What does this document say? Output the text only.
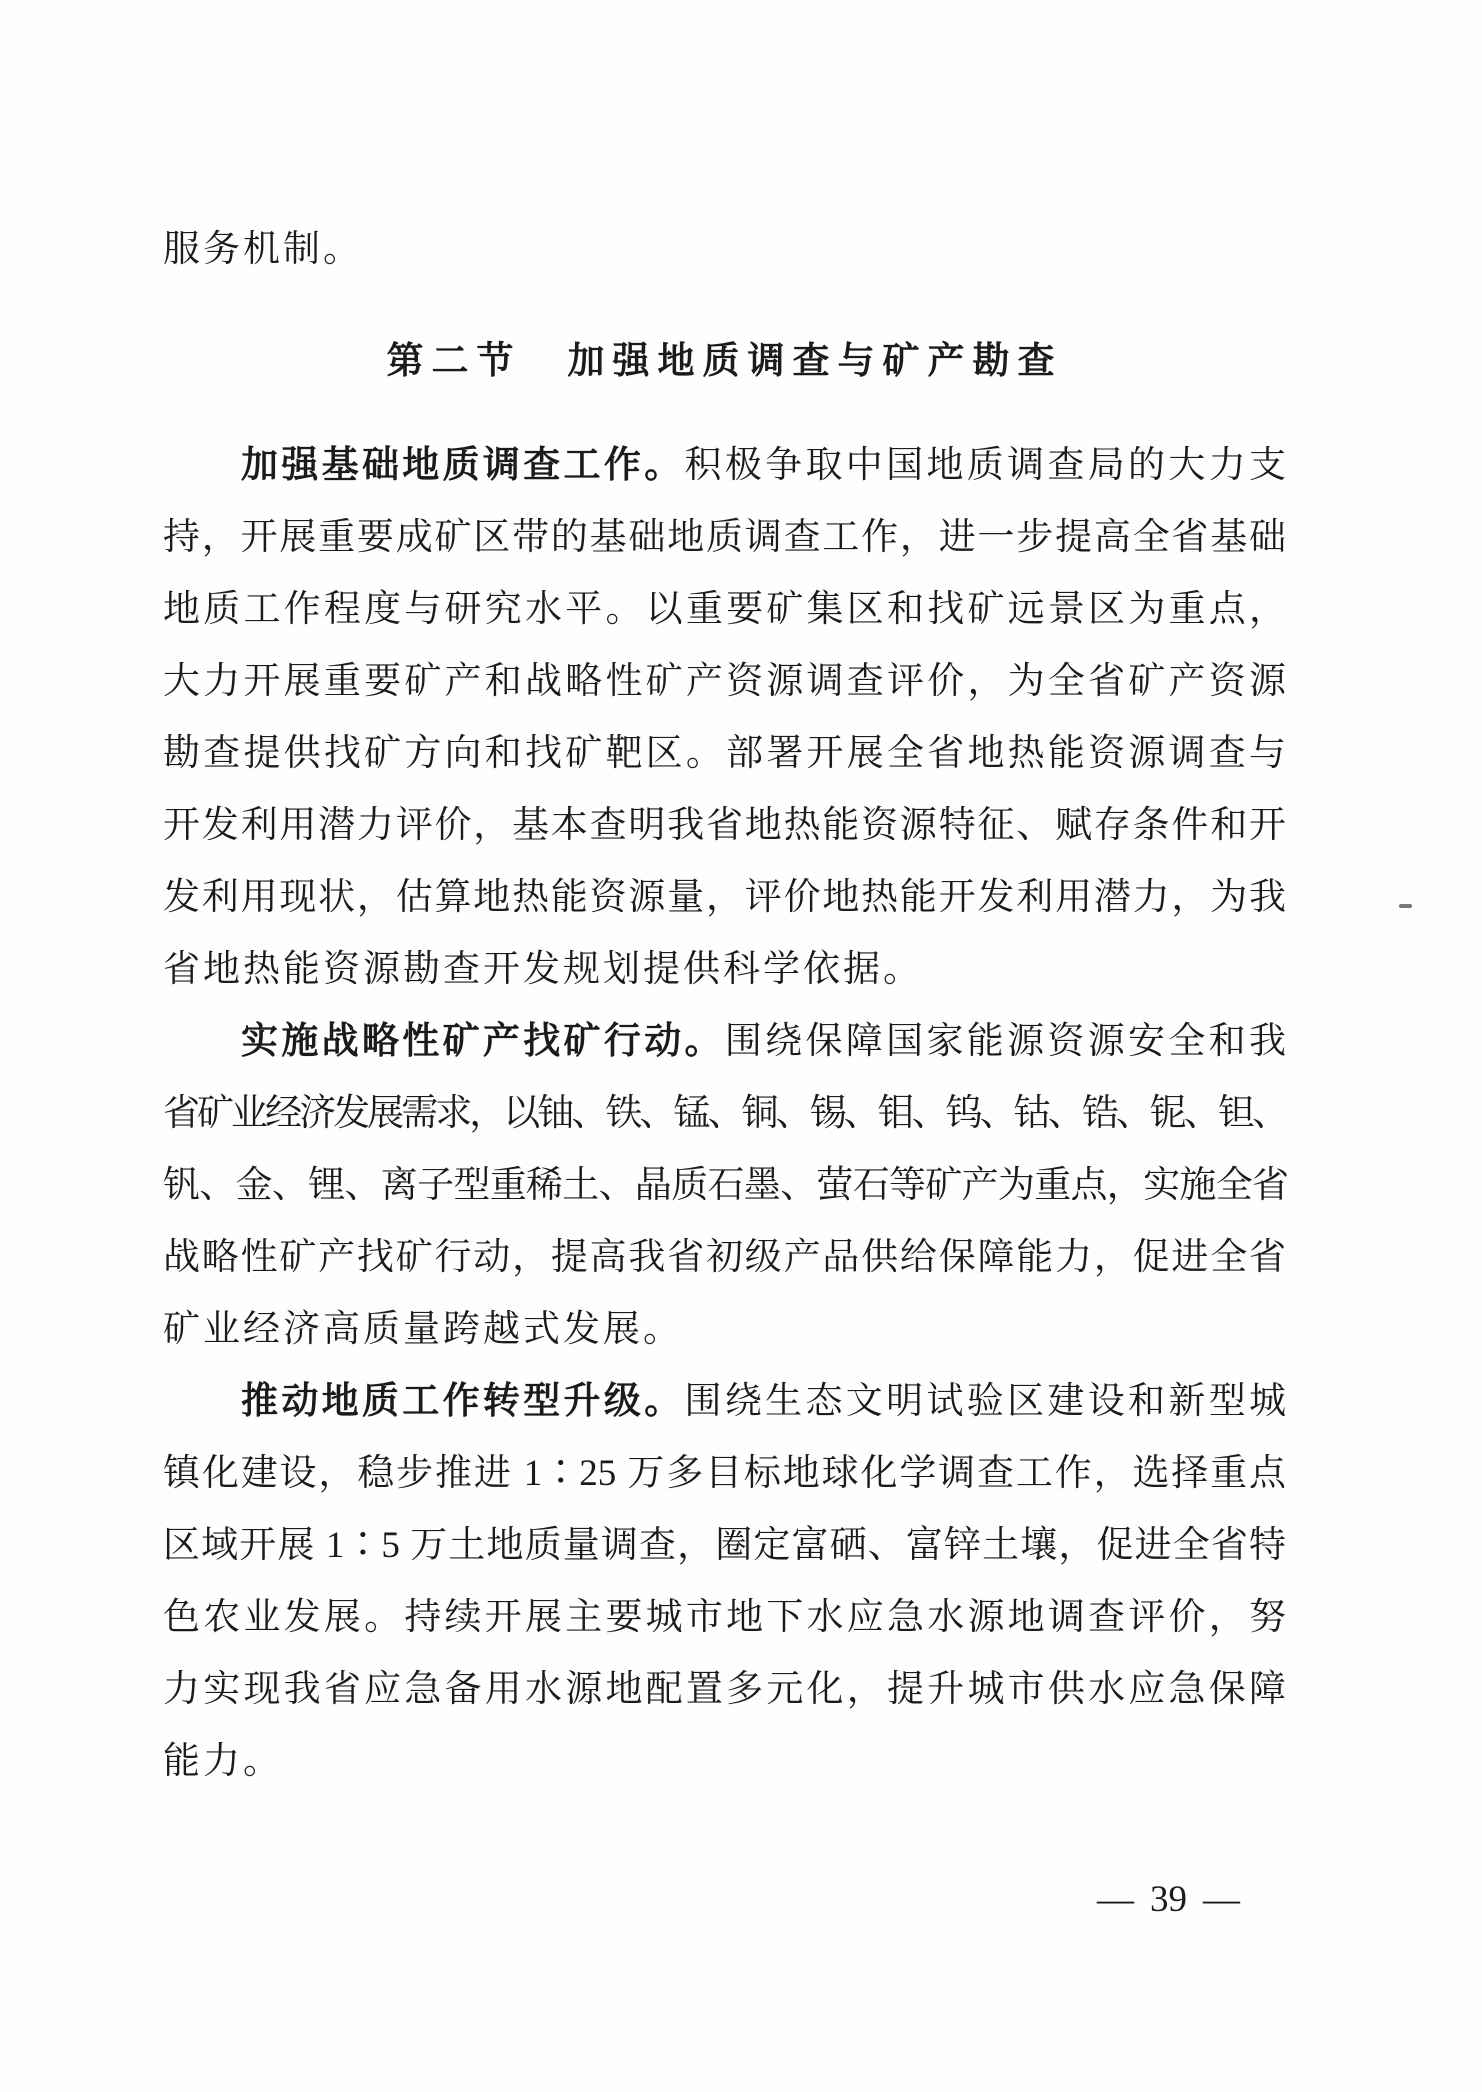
服务机制。
第二节 加强地质调查与矿产勘查
加强基础地质调查工作。积极争取中国地质调查局的大力支
持，开展重要成矿区带的基础地质调查工作，进一步提高全省基础
地质工作程度与研究水平。以重要矿集区和找矿远景区为重点，
大力开展重要矿产和战略性矿产资源调查评价，为全省矿产资源
勘查提供找矿方向和找矿靶区。部署开展全省地热能资源调查与
开发利用潜力评价，基本查明我省地热能资源特征、赋存条件和开
发利用现状，估算地热能资源量，评价地热能开发利用潜力，为我
省地热能资源勘查开发规划提供科学依据。
实施战略性矿产找矿行动。围绕保障国家能源资源安全和我
省矿业经济发展需求，以铀、铁、锰、铜、锡、钼、钨、钴、锆、铌、钽、
钒、金、锂、离子型重稀土、晶质石墨、萤石等矿产为重点，实施全省
战略性矿产找矿行动，提高我省初级产品供给保障能力，促进全省
矿业经济高质量跨越式发展。
推动地质工作转型升级。围绕生态文明试验区建设和新型城
镇化建设，稳步推进 1∶25 万多目标地球化学调查工作，选择重点
区域开展 1∶5 万土地质量调查，圈定富硒、富锌土壤，促进全省特
色农业发展。持续开展主要城市地下水应急水源地调查评价，努
力实现我省应急备用水源地配置多元化，提升城市供水应急保障
能力。
— 39 —
